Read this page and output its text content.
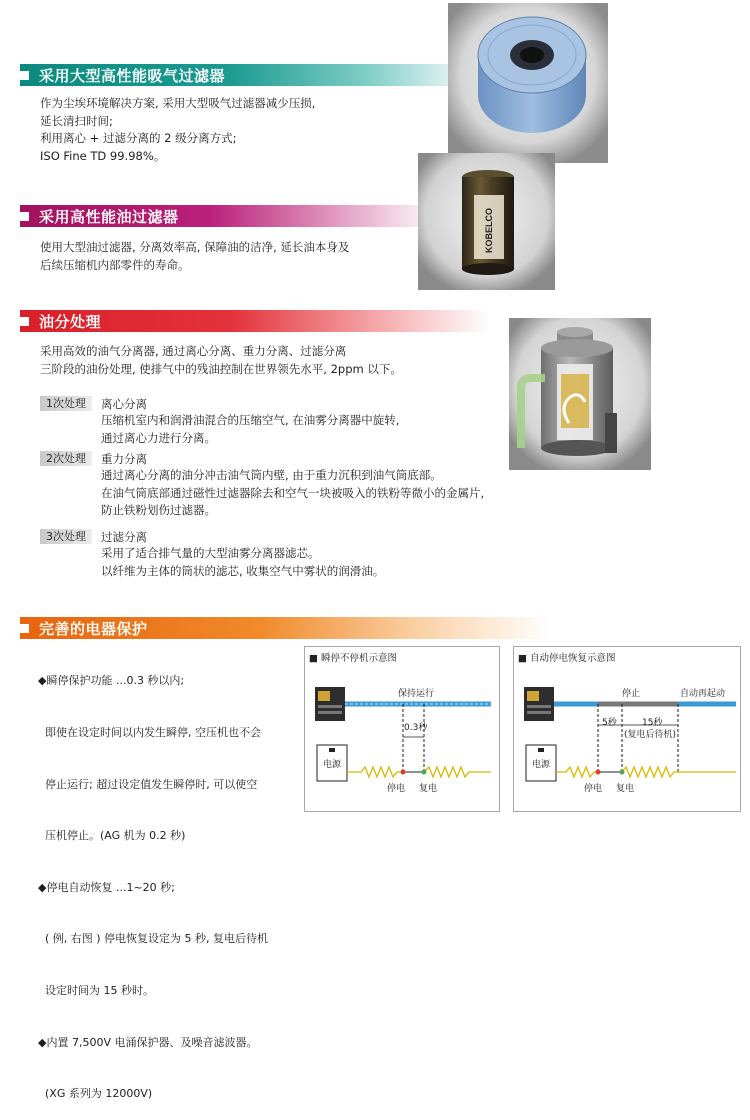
采用大型高性能吸气过滤器
作为尘埃环境解决方案, 采用大型吸气过滤器减少压损,
延长清扫时间;
利用离心 + 过滤分离的 2 级分离方式;
ISO Fine TD 99.98%。
采用高性能油过滤器
使用大型油过滤器, 分离效率高, 保障油的洁净, 延长油本身及
后续压缩机内部零件的寿命。
KOBELCO
油分处理
采用高效的油气分离器, 通过离心分离、重力分离、过滤分离
三阶段的油份处理, 使排气中的残油控制在世界领先水平, 2ppm 以下。
1次处理	离心分离
压缩机室内和润滑油混合的压缩空气, 在油雾分离器中旋转,
通过离心力进行分离。
2次处理	重力分离
通过离心分离的油分冲击油气筒内壁, 由于重力沉积到油气筒底部。
在油气筒底部通过磁性过滤器除去和空气一块被吸入的铁粉等微小的金属片,
防止铁粉划伤过滤器。
3次处理	过滤分离
采用了适合排气量的大型油雾分离器滤芯。
以纤维为主体的筒状的滤芯, 收集空气中雾状的润滑油。
完善的电器保护

◆瞬停保护功能 ...0.3 秒以内;

即使在设定时间以内发生瞬停, 空压机也不会

停止运行; 超过设定值发生瞬停时, 可以使空

压机停止。(AG 机为 0.2 秒)

◆停电自动恢复 ...1~20 秒;

( 例, 右图 ) 停电恢复设定为 5 秒, 复电后待机

设定时间为 15 秒时。

◆内置 7,500V 电涌保护器、及噪音滤波器。

(XG 系列为 12000V)

■ 瞬停不停机示意图
保持运行
0.3秒
电源
停电 复电
■ 自动停电恢复示意图
停止	自动再起动
5秒	15秒
(复电后待机)
电源
停电 复电
